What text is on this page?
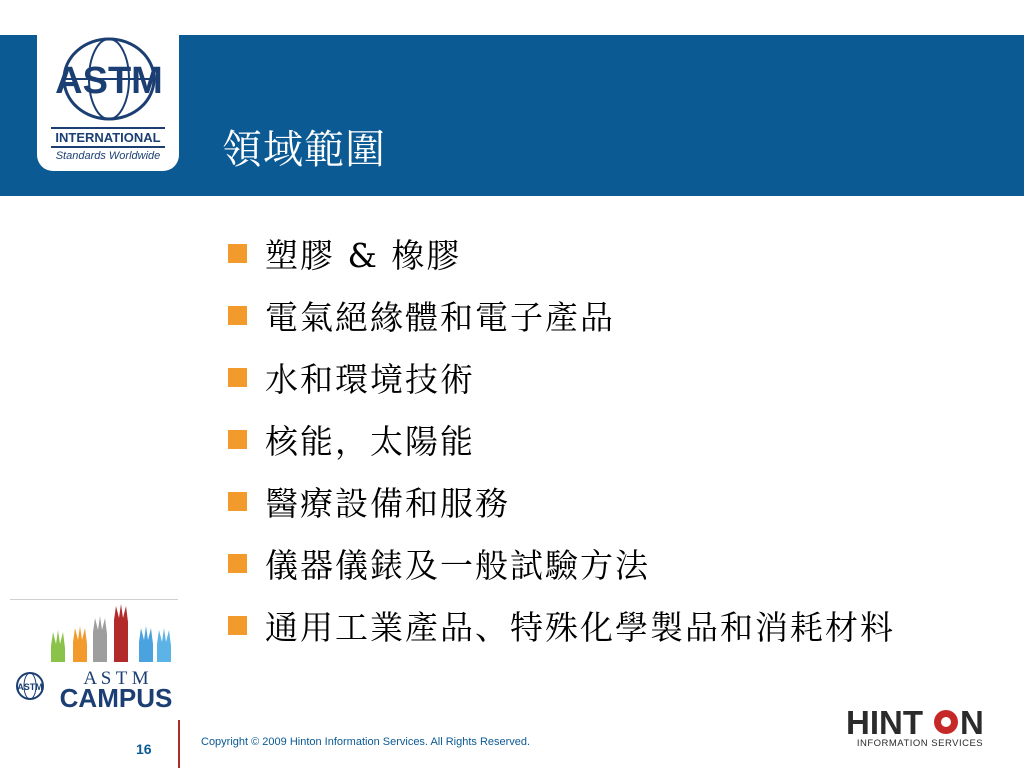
ASTM
INTERNATIONAL
Standards Worldwide 領域範圍
塑膠 & 橡膠
電氣絕緣體和電子產品
水和環境技術
核能，太陽能
醫療設備和服務
儀器儀錶及一般試驗方法
通用工業產品、特殊化學製品和消耗材料
ASTM A S T M
CAMPUS
16	Copyright © 2009 Hinton Information Services. All Rights Reserved.
HINT N
INFORMATION SERVICES
